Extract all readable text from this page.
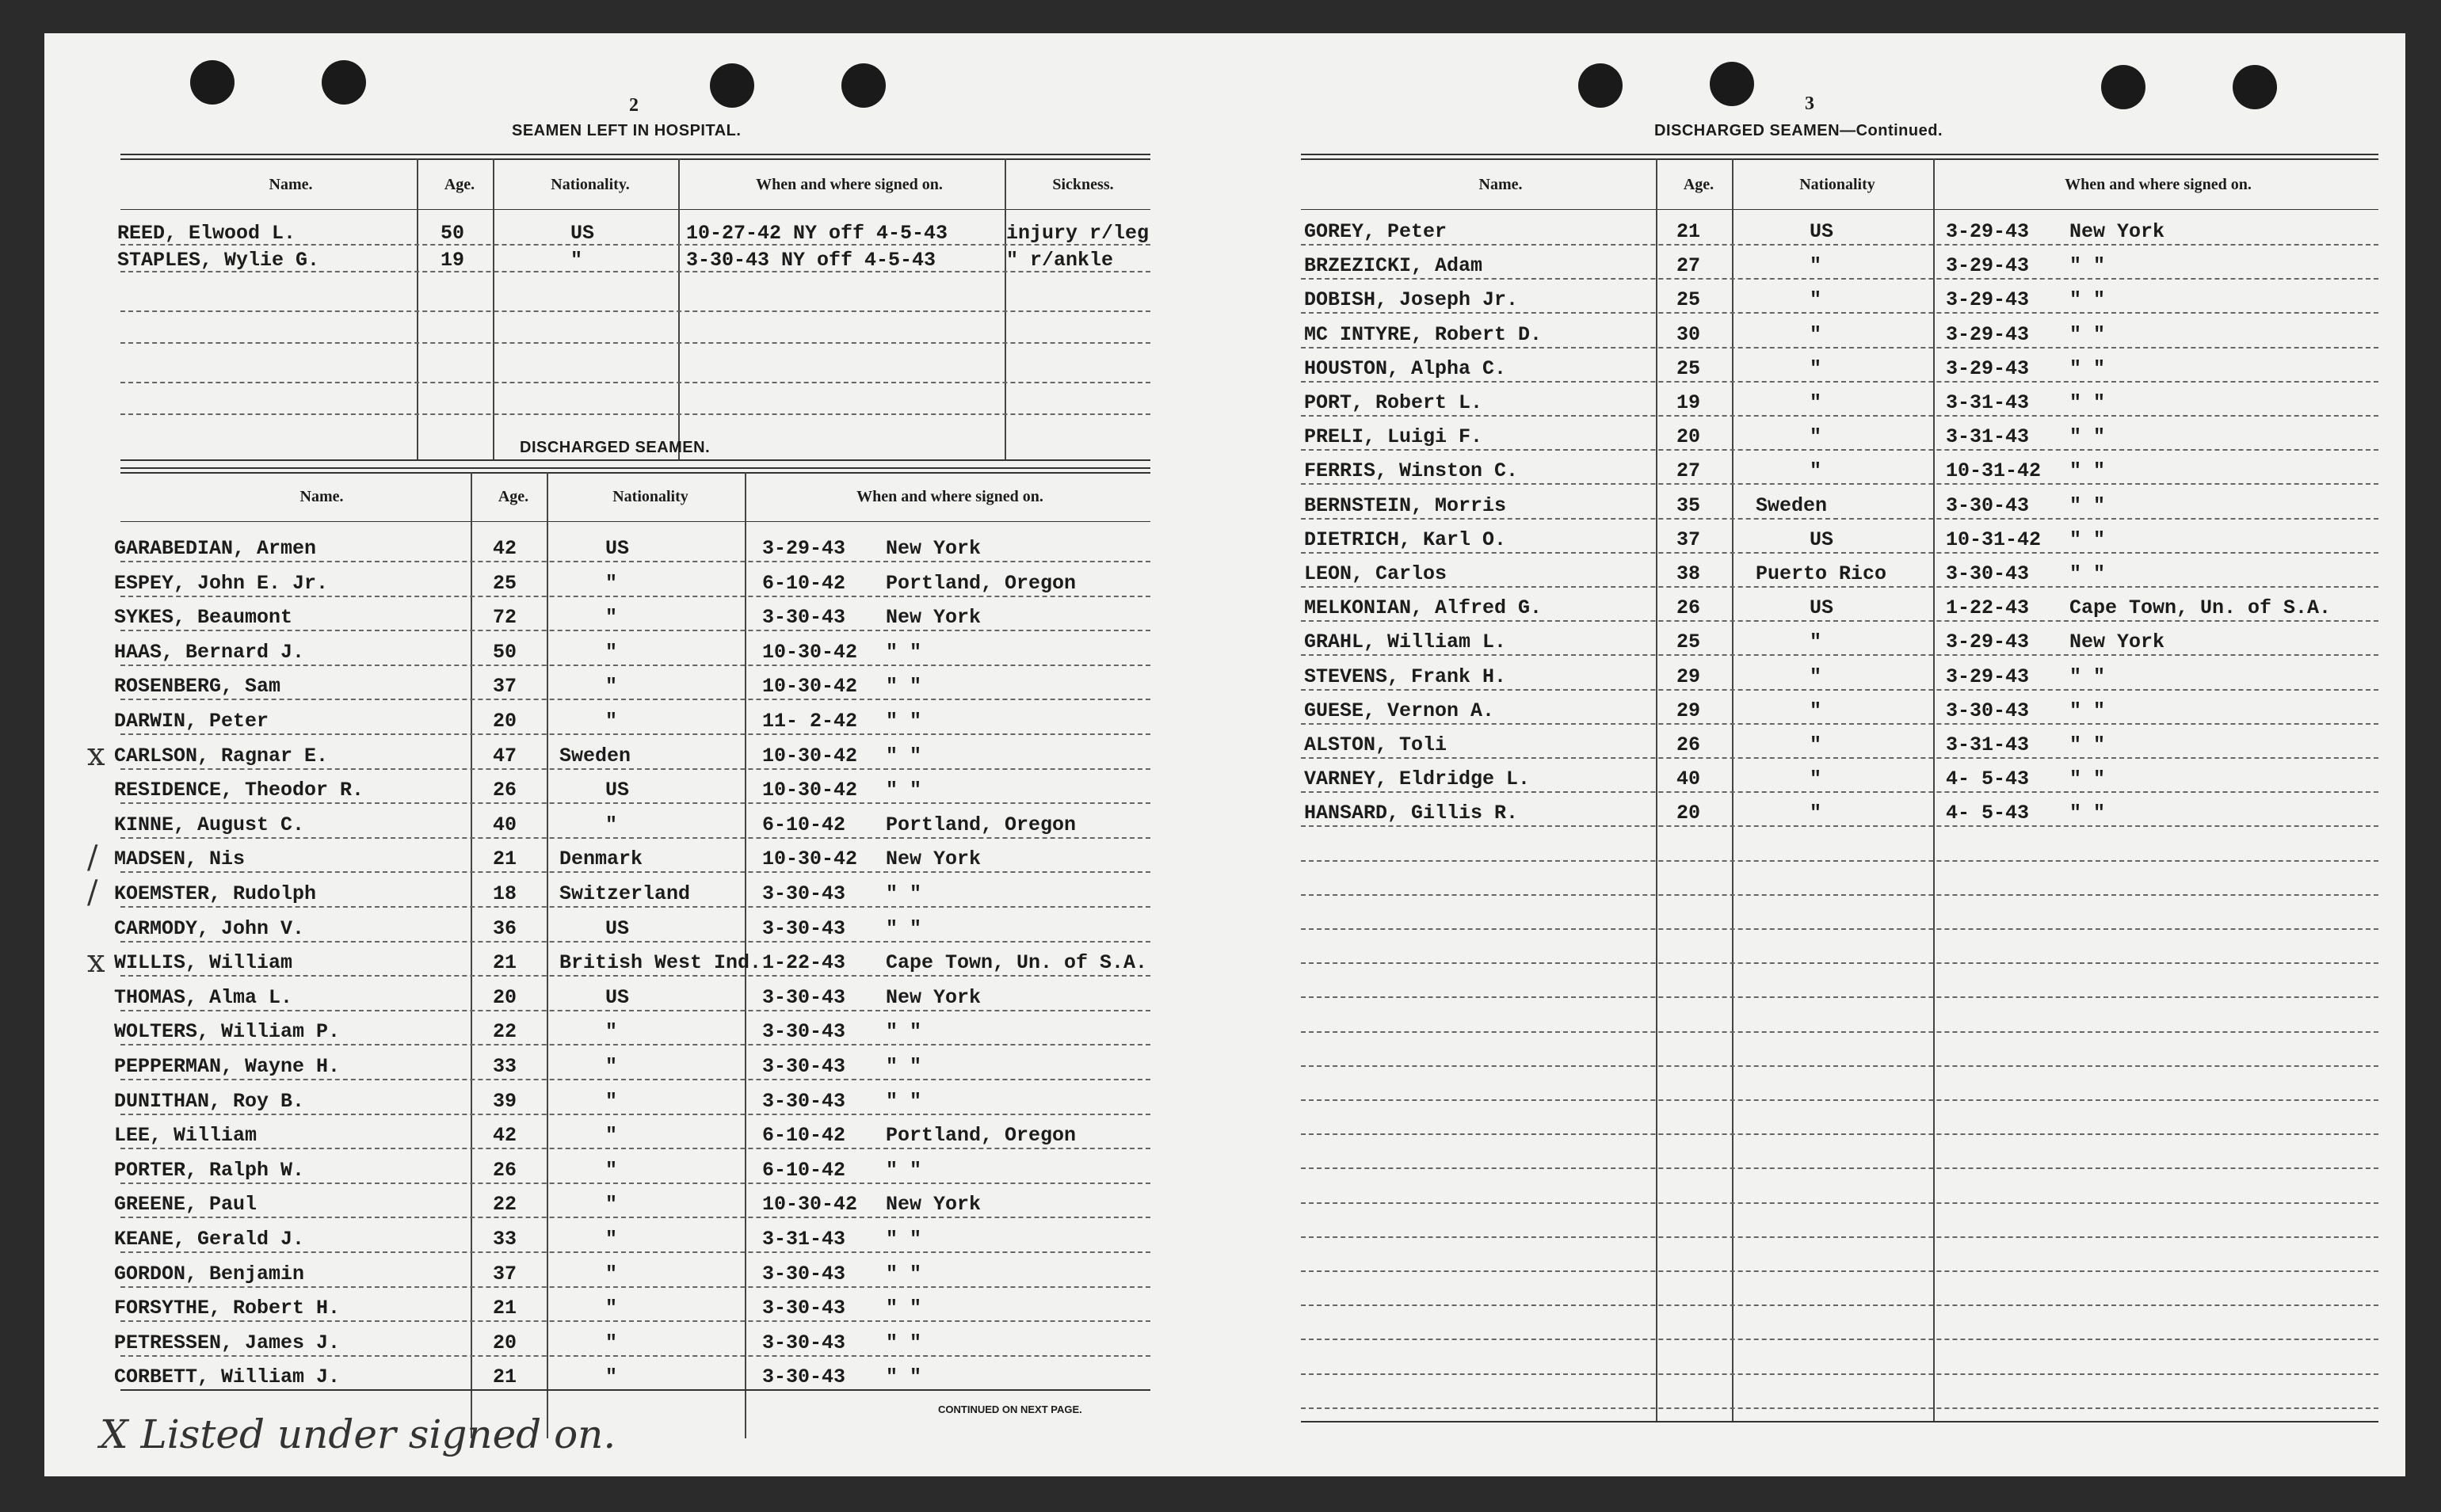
2
SEAMEN LEFT IN HOSPITAL.
Name.	Age.	Nationality.	When and where signed on.	Sickness.
REED, Elwood L.	50	US	10-27-42 NY off 4-5-43	injury r/leg
STAPLES, Wylie G.	19	"	3-30-43 NY off 4-5-43	" r/ankle
DISCHARGED SEAMEN.
Name.	Age.	Nationality	When and where signed on.
GARABEDIAN, Armen	42	US	3-29-43 New York
ESPEY, John E. Jr.	25	"	6-10-42 Portland, Oregon
SYKES, Beaumont	72	"	3-30-43 New York
HAAS, Bernard J.	50	"	10-30-42 " "
ROSENBERG, Sam	37	"	10-30-42 " "
DARWIN, Peter	20	"	11- 2-42 " "
x CARLSON, Ragnar E.	47 Sweden	10-30-42 " "
RESIDENCE, Theodor R.	26	US	10-30-42 " "
KINNE, August C.	40	"	6-10-42 Portland, Oregon
/ MADSEN, Nis	21 Denmark	10-30-42 New York
/ KOEMSTER, Rudolph	18 Switzerland	3-30-43 " "
CARMODY, John V.	36	US	3-30-43 " "
x WILLIS, William	21 British West Ind. 1-22-43 Cape Town, Un. of S.A.
THOMAS, Alma L.	20	US	3-30-43 New York
WOLTERS, William P.	22	"	3-30-43 " "
PEPPERMAN, Wayne H.	33	"	3-30-43 " "
DUNITHAN, Roy B.	39	"	3-30-43 " "
LEE, William	42	"	6-10-42 Portland, Oregon
PORTER, Ralph W.	26	"	6-10-42 " "
GREENE, Paul	22	"	10-30-42 New York
KEANE, Gerald J.	33	"	3-31-43 " "
GORDON, Benjamin	37	"	3-30-43 " "
FORSYTHE, Robert H.	21	"	3-30-43 " "
PETRESSEN, James J.	20	"	3-30-43 " "
CORBETT, William J.	21	"	3-30-43 " "
CONTINUED ON NEXT PAGE.
X Listed under signed on.
3
DISCHARGED SEAMEN—Continued.
Name.	Age.	Nationality	When and where signed on.
GOREY, Peter	21	US	3-29-43 New York
BRZEZICKI, Adam	27	"	3-29-43 " "
DOBISH, Joseph Jr.	25	"	3-29-43 " "
MC INTYRE, Robert D.	30	"	3-29-43 " "
HOUSTON, Alpha C.	25	"	3-29-43 " "
PORT, Robert L.	19	"	3-31-43 " "
PRELI, Luigi F.	20	"	3-31-43 " "
FERRIS, Winston C.	27	"	10-31-42 " "
BERNSTEIN, Morris	35	Sweden	3-30-43 " "
DIETRICH, Karl O.	37	US	10-31-42 " "
LEON, Carlos	38	Puerto Rico	3-30-43 " "
MELKONIAN, Alfred G.	26	US	1-22-43 Cape Town, Un. of S.A.
GRAHL, William L.	25	"	3-29-43 New York
STEVENS, Frank H.	29	"	3-29-43 " "
GUESE, Vernon A.	29	"	3-30-43 " "
ALSTON, Toli	26	"	3-31-43 " "
VARNEY, Eldridge L.	40	"	4- 5-43 " "
HANSARD, Gillis R.	20	"	4- 5-43 " "
